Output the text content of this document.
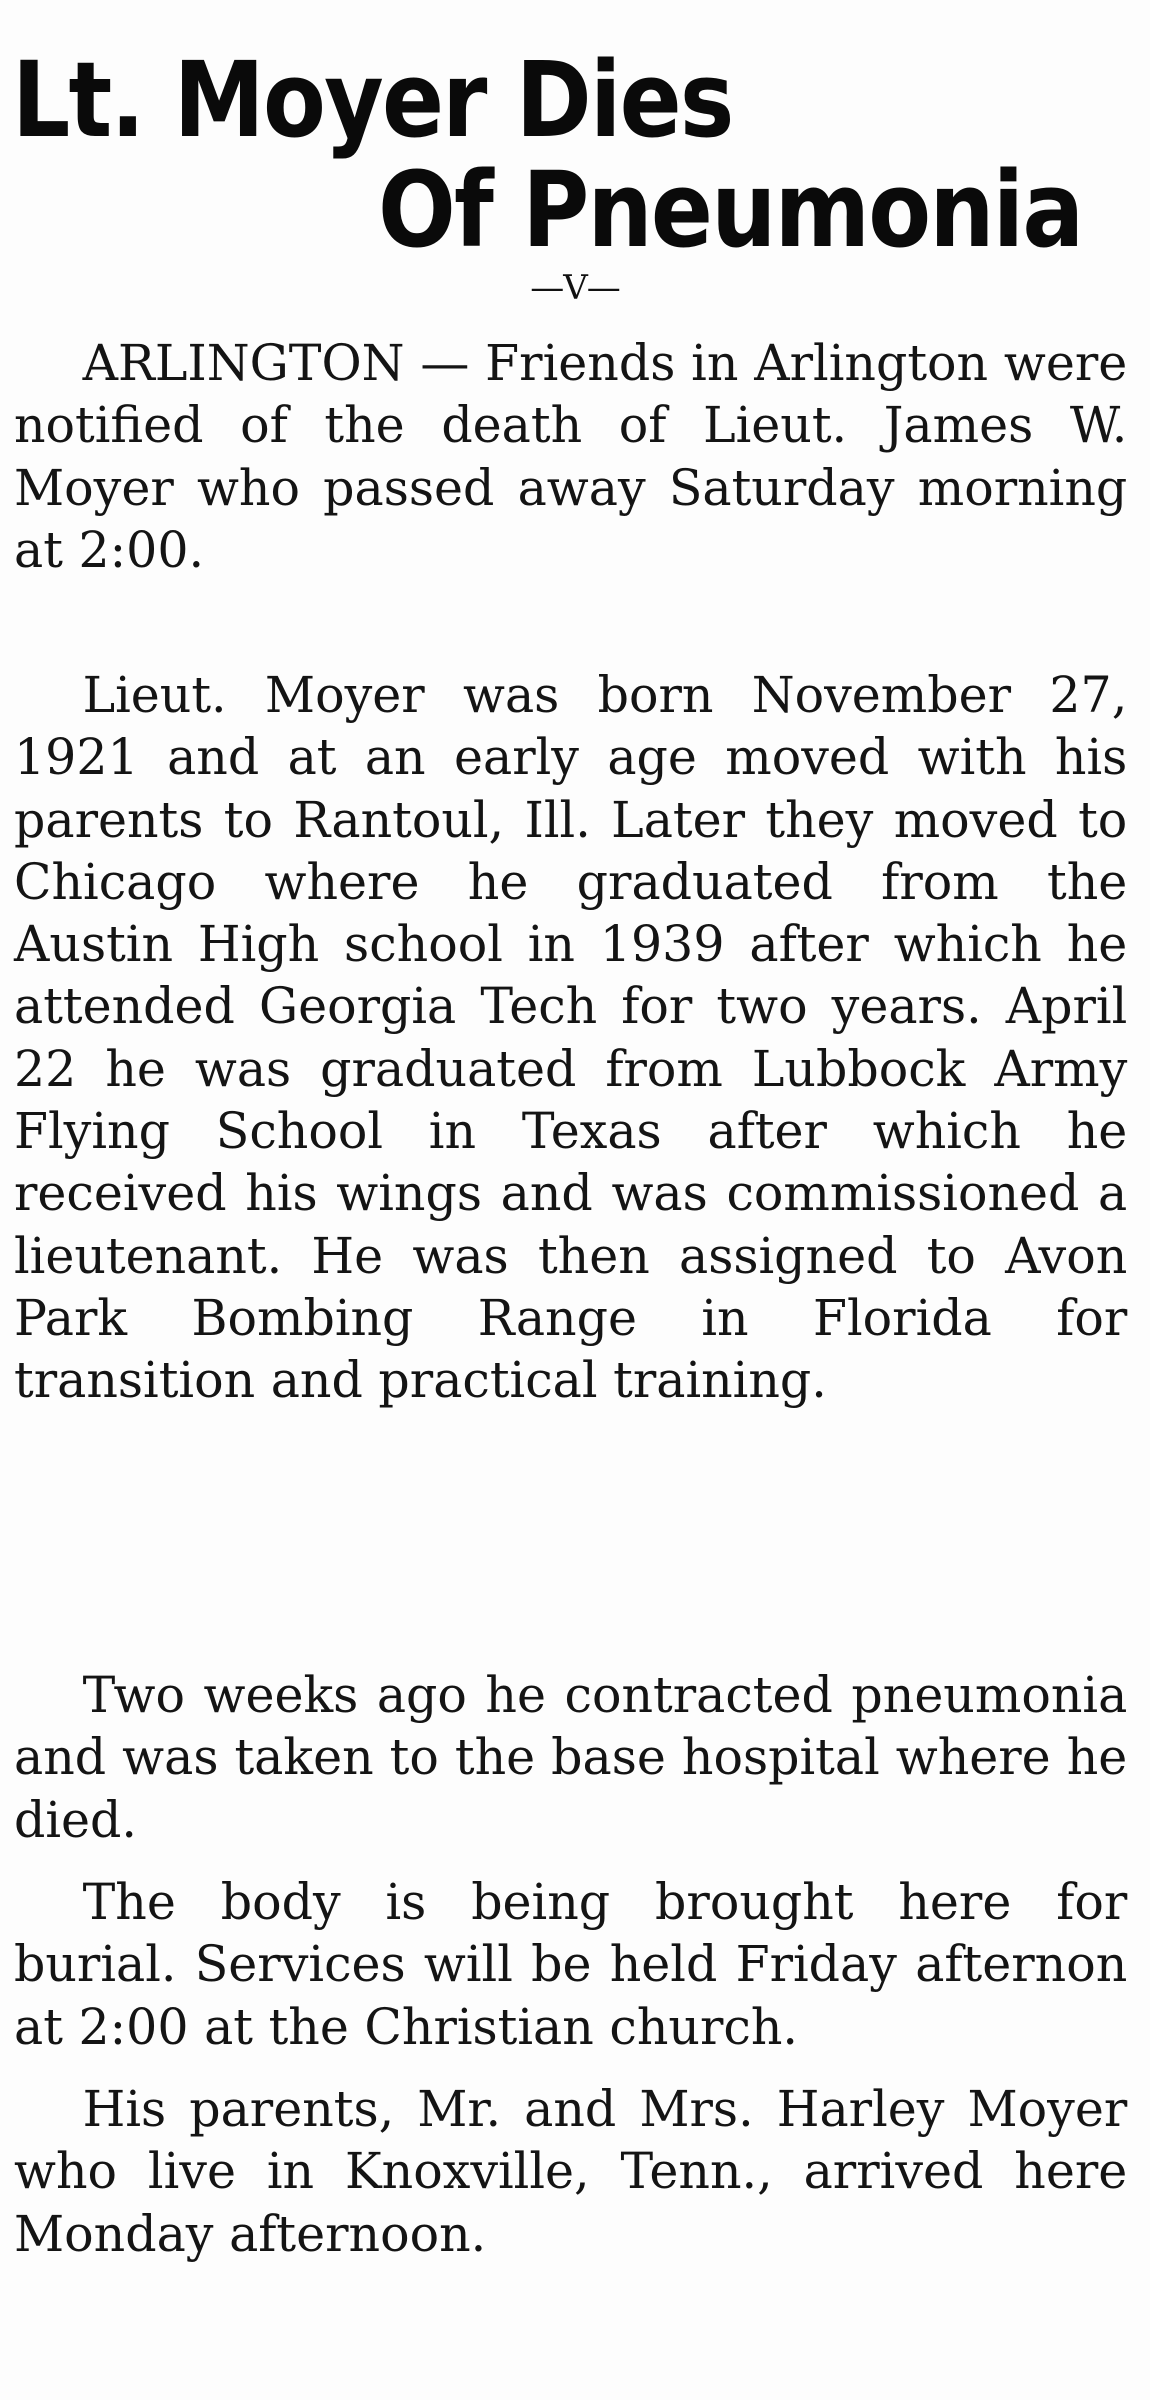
Lt. Moyer Dies
Of Pneumonia
—V—

ARLINGTON — Friends in Arlington were notified of the death of Lieut. James W. Moyer who passed away Saturday morning at 2:00.

Lieut. Moyer was born November 27, 1921 and at an early age moved with his parents to Rantoul, Ill. Later they moved to Chicago where he graduated from the Austin High school in 1939 after which he attended Georgia Tech for two years. April 22 he was graduated from Lubbock Army Flying School in Texas after which he received his wings and was commissioned a lieutenant. He was then assigned to Avon Park Bombing Range in Florida for transition and practical training.

Two weeks ago he contracted pneumonia and was taken to the base hospital where he died.

The body is being brought here for burial. Services will be held Friday afternon at 2:00 at the Christian church.

His parents, Mr. and Mrs. Harley Moyer who live in Knoxville, Tenn., arrived here Monday afternoon.
